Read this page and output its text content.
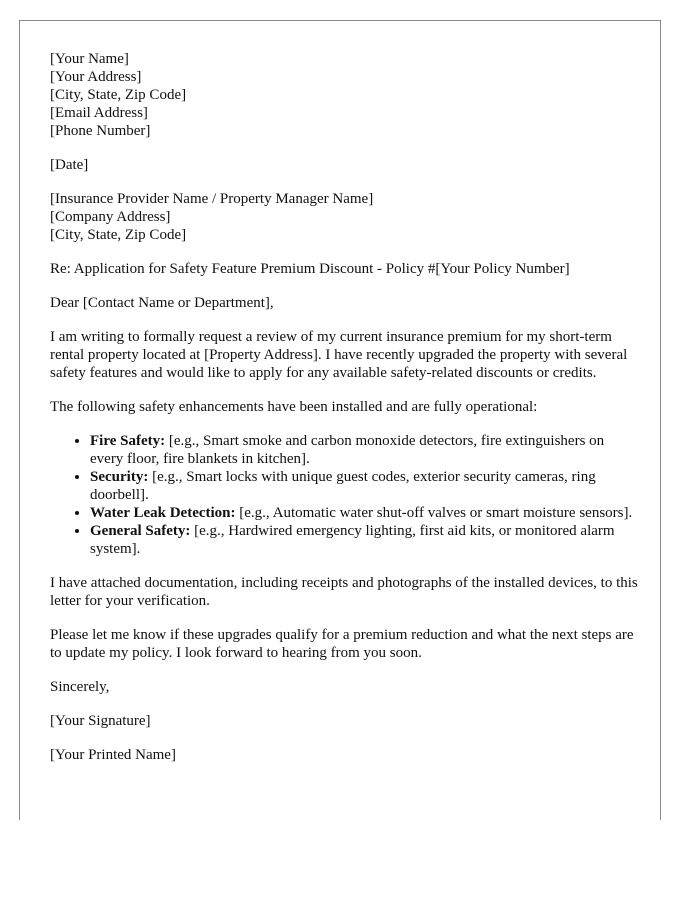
[Your Name]
[Your Address]
[City, State, Zip Code]
[Email Address]
[Phone Number]

[Date]

[Insurance Provider Name / Property Manager Name]
[Company Address]
[City, State, Zip Code]

Re: Application for Safety Feature Premium Discount - Policy #[Your Policy Number]

Dear [Contact Name or Department],

I am writing to formally request a review of my current insurance premium for my short-term rental property located at [Property Address]. I have recently upgraded the property with several safety features and would like to apply for any available safety-related discounts or credits.

The following safety enhancements have been installed and are fully operational:

• Fire Safety: [e.g., Smart smoke and carbon monoxide detectors, fire extinguishers on every floor, fire blankets in kitchen].
• Security: [e.g., Smart locks with unique guest codes, exterior security cameras, ring doorbell].
• Water Leak Detection: [e.g., Automatic water shut-off valves or smart moisture sensors].
• General Safety: [e.g., Hardwired emergency lighting, first aid kits, or monitored alarm system].

I have attached documentation, including receipts and photographs of the installed devices, to this letter for your verification.

Please let me know if these upgrades qualify for a premium reduction and what the next steps are to update my policy. I look forward to hearing from you soon.

Sincerely,

[Your Signature]

[Your Printed Name]
